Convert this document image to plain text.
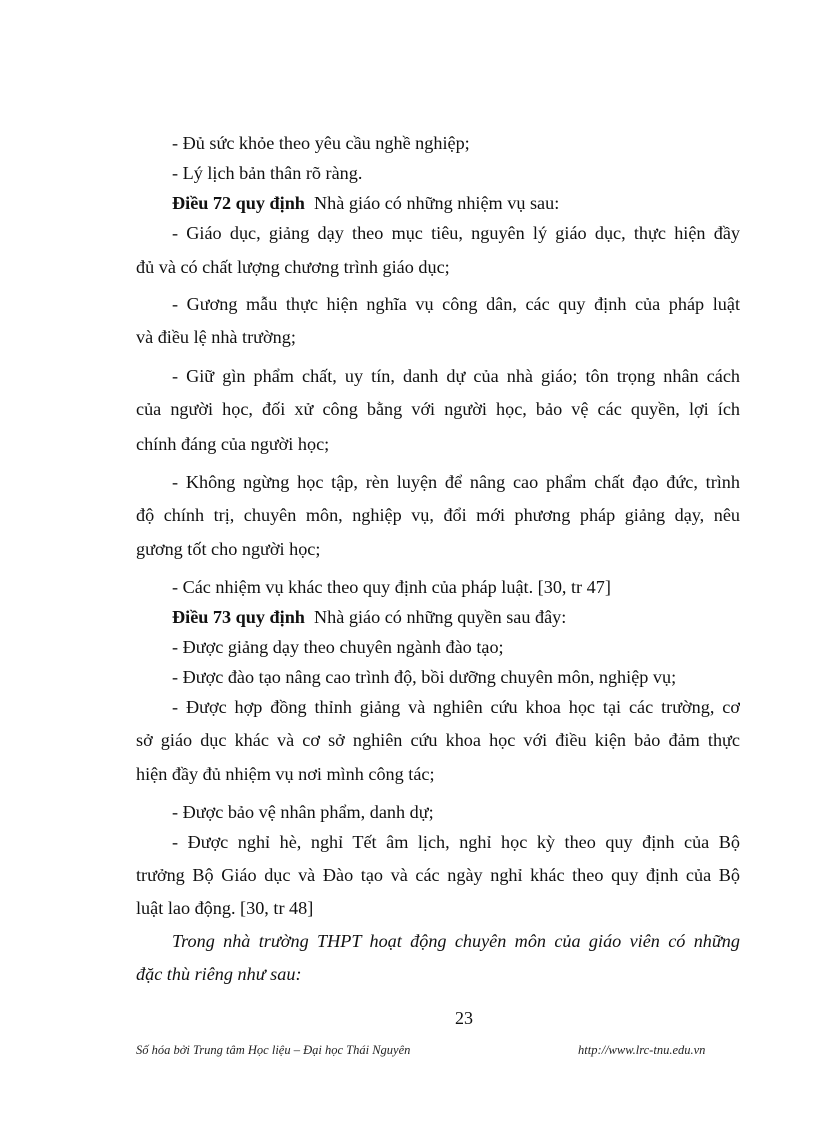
- Đủ sức khỏe theo yêu cầu nghề nghiệp;
- Lý lịch bản thân rõ ràng.
Điều 72 quy định Nhà giáo có những nhiệm vụ sau:
- Giáo dục, giảng dạy theo mục tiêu, nguyên lý giáo dục, thực hiện đầy
đủ và có chất lượng chương trình giáo dục;
- Gương mẫu thực hiện nghĩa vụ công dân, các quy định của pháp luật
và điều lệ nhà trường;
- Giữ gìn phẩm chất, uy tín, danh dự của nhà giáo; tôn trọng nhân cách
của người học, đối xử công bằng với người học, bảo vệ các quyền, lợi ích
chính đáng của người học;
- Không ngừng học tập, rèn luyện để nâng cao phẩm chất đạo đức, trình
độ chính trị, chuyên môn, nghiệp vụ, đổi mới phương pháp giảng dạy, nêu
gương tốt cho người học;
- Các nhiệm vụ khác theo quy định của pháp luật. [30, tr 47]
Điều 73 quy định Nhà giáo có những quyền sau đây:
- Được giảng dạy theo chuyên ngành đào tạo;
- Được đào tạo nâng cao trình độ, bồi dưỡng chuyên môn, nghiệp vụ;
- Được hợp đồng thỉnh giảng và nghiên cứu khoa học tại các trường, cơ
sở giáo dục khác và cơ sở nghiên cứu khoa học với điều kiện bảo đảm thực
hiện đầy đủ nhiệm vụ nơi mình công tác;
- Được bảo vệ nhân phẩm, danh dự;
- Được nghỉ hè, nghỉ Tết âm lịch, nghỉ học kỳ theo quy định của Bộ
trưởng Bộ Giáo dục và Đào tạo và các ngày nghỉ khác theo quy định của Bộ
luật lao động. [30, tr 48]
Trong nhà trường THPT hoạt động chuyên môn của giáo viên có những
đặc thù riêng như sau:
23
Số hóa bởi Trung tâm Học liệu – Đại học Thái Nguyên	http://www.lrc-tnu.edu.vn
